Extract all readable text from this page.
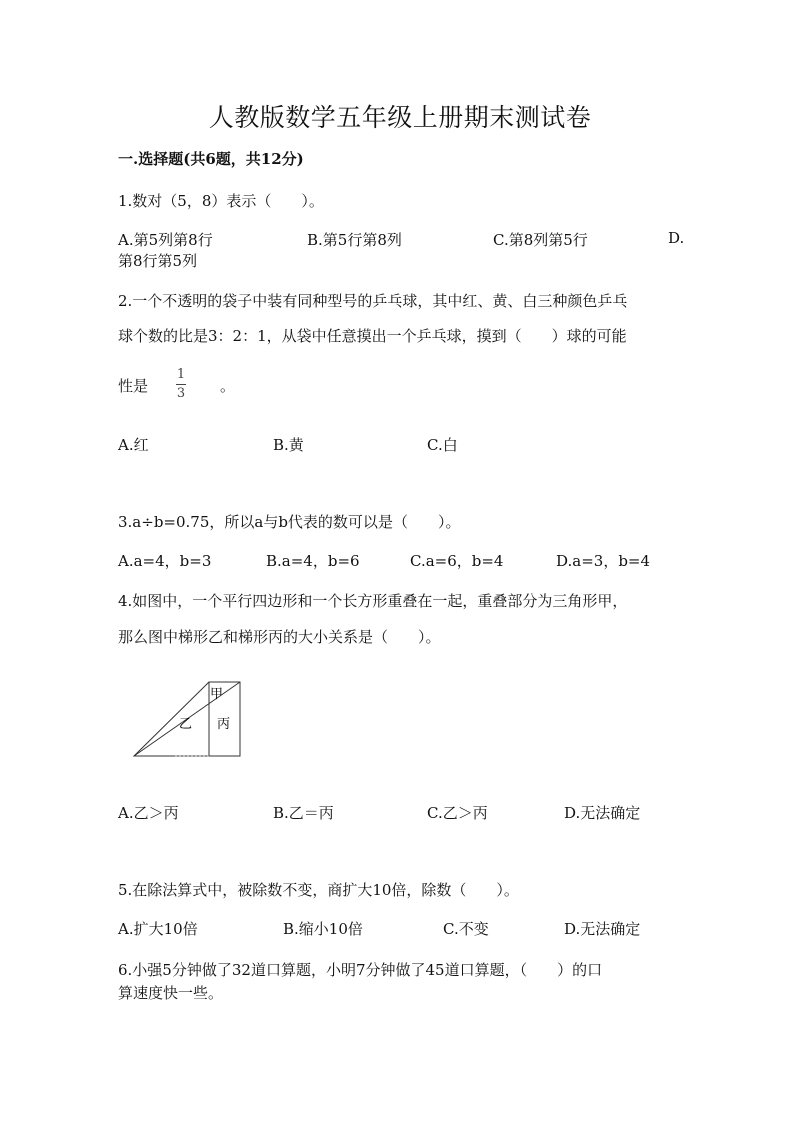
人教版数学五年级上册期末测试卷
一.选择题(共6题，共12分)
1.数对（5，8）表示（　　）。
A.第5列第8行	B.第5行第8列	C.第8列第5行	D.
第8行第5列
2.一个不透明的袋子中装有同种型号的乒乓球，其中红、黄、白三种颜色乒乓
球个数的比是3：2：1，从袋中任意摸出一个乒乓球，摸到（　　）球的可能
性是
1
3 。
A.红	B.黄	C.白
3.a÷b=0.75，所以a与b代表的数可以是（　　）。
A.a=4，b=3	B.a=4，b=6	C.a=6，b=4	D.a=3，b=4
4.如图中，一个平行四边形和一个长方形重叠在一起，重叠部分为三角形甲，
那么图中梯形乙和梯形丙的大小关系是（　　）。
甲
乙 丙
A.乙＞丙	B.乙＝丙	C.乙＞丙	D.无法确定
5.在除法算式中，被除数不变，商扩大10倍，除数（　　）。
A.扩大10倍	B.缩小10倍	C.不变	D.无法确定
6.小强5分钟做了32道口算题，小明7分钟做了45道口算题，（　　）的口
算速度快一些。
